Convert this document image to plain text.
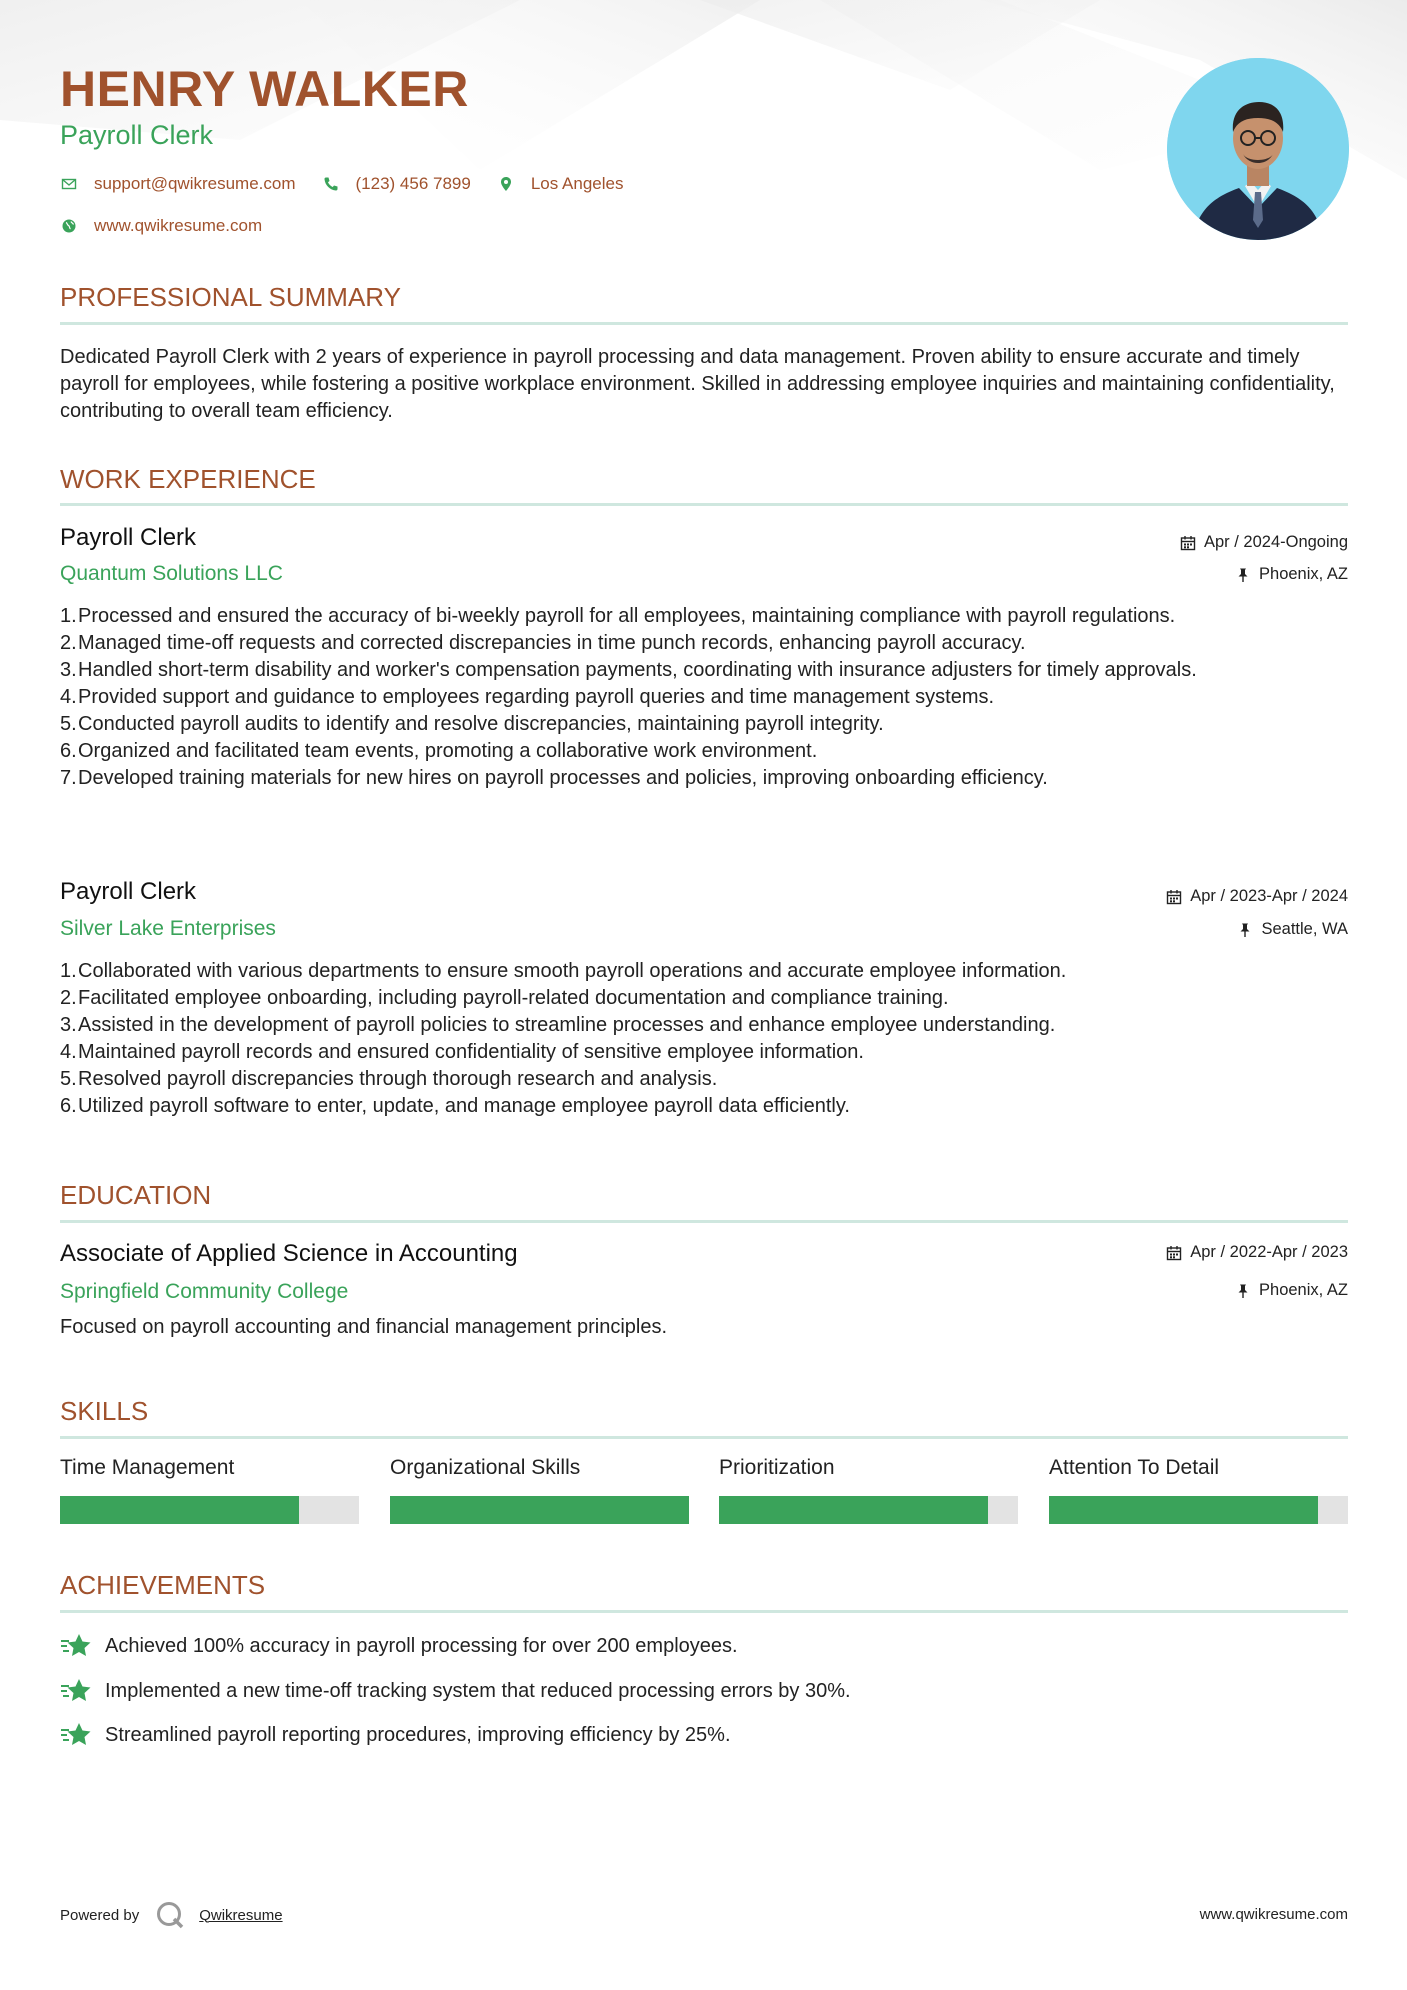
HENRY WALKER
Payroll Clerk
support@qwikresume.com	(123) 456 7899	Los Angeles
www.qwikresume.com
PROFESSIONAL SUMMARY
Dedicated Payroll Clerk with 2 years of experience in payroll processing and data management. Proven ability to ensure accurate and timely payroll for employees, while fostering a positive workplace environment. Skilled in addressing employee inquiries and maintaining confidentiality, contributing to overall team efficiency.
WORK EXPERIENCE
Payroll Clerk
Quantum Solutions LLC
Apr / 2024-Ongoing
Phoenix, AZ
1. Processed and ensured the accuracy of bi-weekly payroll for all employees, maintaining compliance with payroll regulations.
2. Managed time-off requests and corrected discrepancies in time punch records, enhancing payroll accuracy.
3. Handled short-term disability and worker's compensation payments, coordinating with insurance adjusters for timely approvals.
4. Provided support and guidance to employees regarding payroll queries and time management systems.
5. Conducted payroll audits to identify and resolve discrepancies, maintaining payroll integrity.
6. Organized and facilitated team events, promoting a collaborative work environment.
7. Developed training materials for new hires on payroll processes and policies, improving onboarding efficiency.
Payroll Clerk
Silver Lake Enterprises
Apr / 2023-Apr / 2024
Seattle, WA
1. Collaborated with various departments to ensure smooth payroll operations and accurate employee information.
2. Facilitated employee onboarding, including payroll-related documentation and compliance training.
3. Assisted in the development of payroll policies to streamline processes and enhance employee understanding.
4. Maintained payroll records and ensured confidentiality of sensitive employee information.
5. Resolved payroll discrepancies through thorough research and analysis.
6. Utilized payroll software to enter, update, and manage employee payroll data efficiently.
EDUCATION
Associate of Applied Science in Accounting
Springfield Community College
Apr / 2022-Apr / 2023
Phoenix, AZ
Focused on payroll accounting and financial management principles.
SKILLS
Time Management	Organizational Skills	Prioritization	Attention To Detail
ACHIEVEMENTS
Achieved 100% accuracy in payroll processing for over 200 employees.
Implemented a new time-off tracking system that reduced processing errors by 30%.
Streamlined payroll reporting procedures, improving efficiency by 25%.
Powered by	Qwikresume	www.qwikresume.com
